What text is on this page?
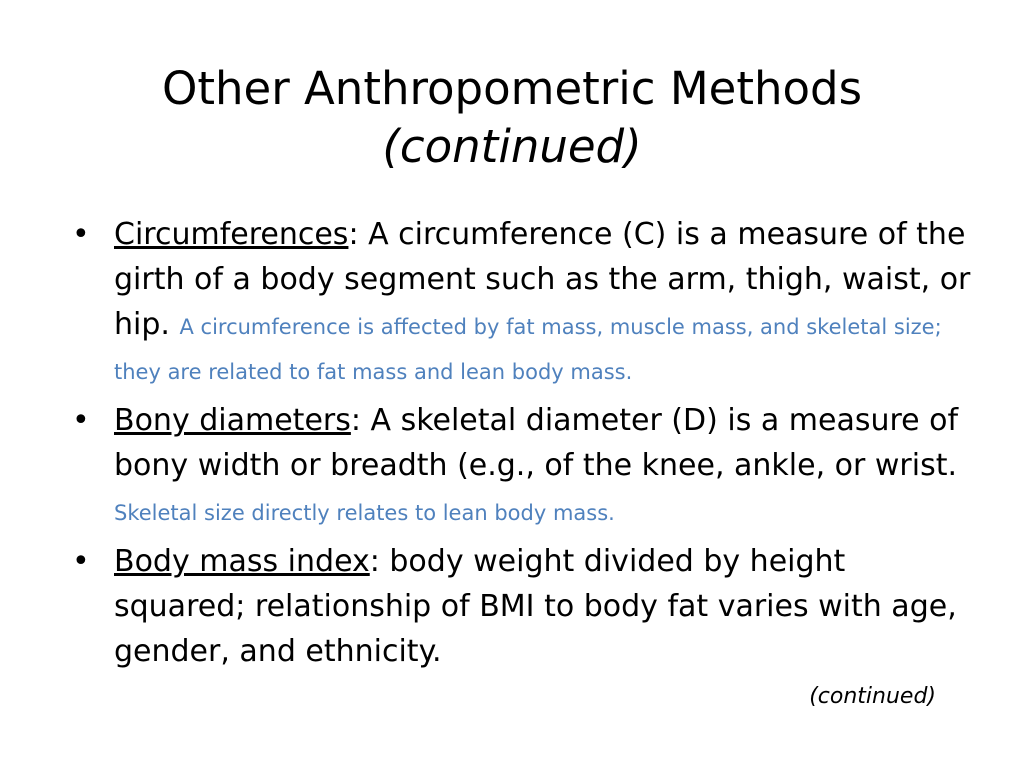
Other Anthropometric Methods
(continued)
• Circumferences: A circumference (C) is a measure of the girth of a body segment such as the arm, thigh, waist, or hip. A circumference is affected by fat mass, muscle mass, and skeletal size; they are related to fat mass and lean body mass.
• Bony diameters: A skeletal diameter (D) is a measure of bony width or breadth (e.g., of the knee, ankle, or wrist. Skeletal size directly relates to lean body mass.
• Body mass index: body weight divided by height squared; relationship of BMI to body fat varies with age, gender, and ethnicity.
(continued)
